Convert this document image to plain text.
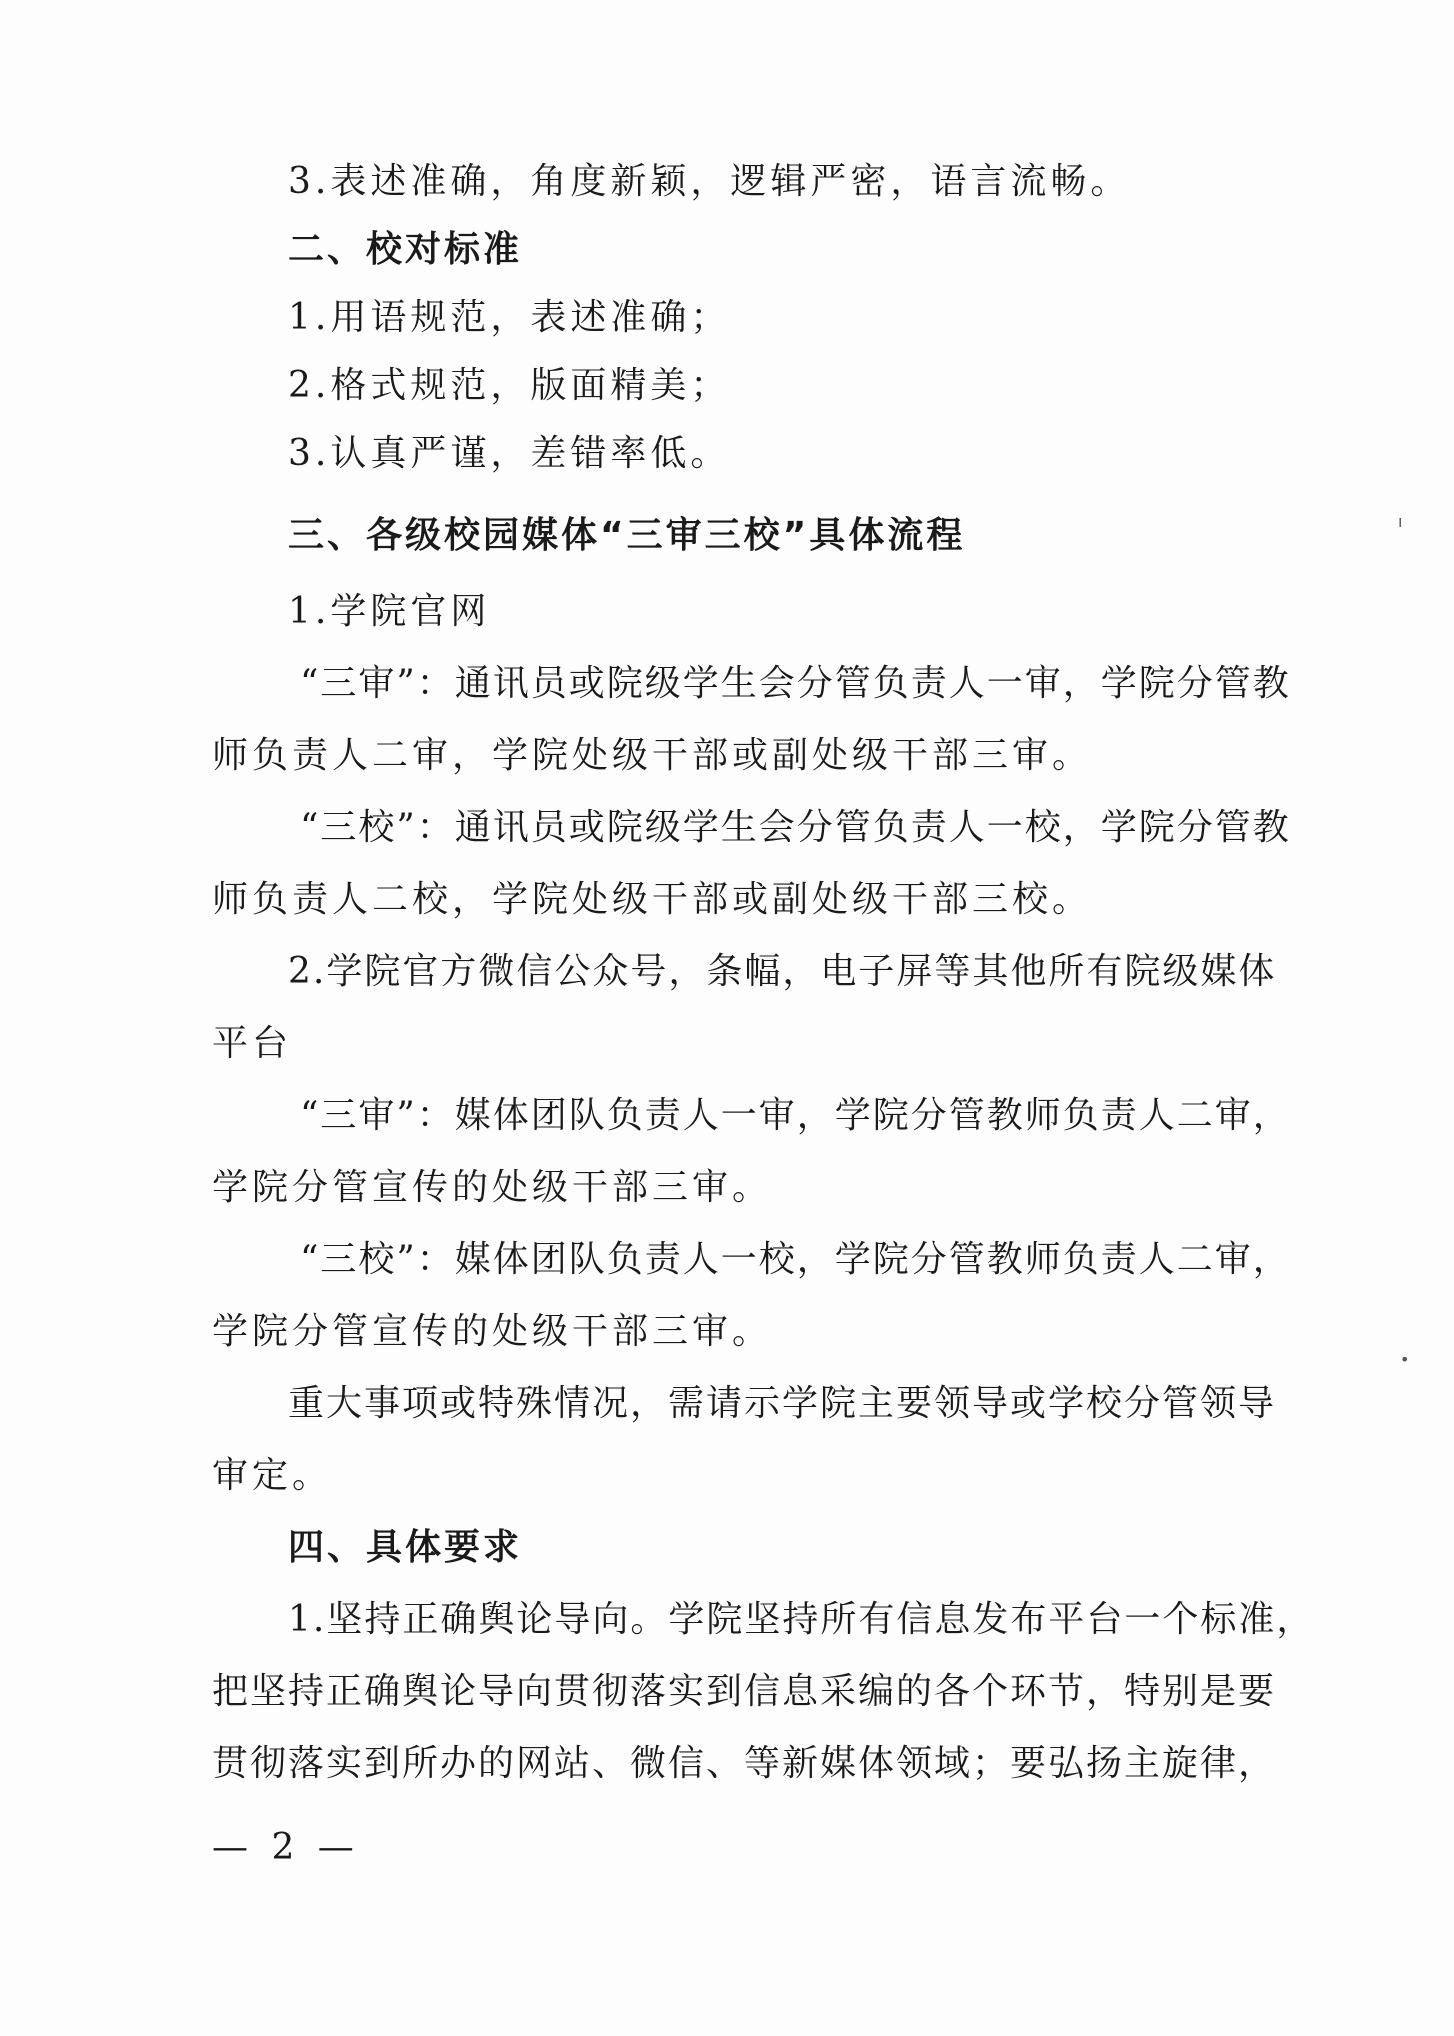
3.表述准确，角度新颖，逻辑严密，语言流畅。
二、校对标准
1.用语规范，表述准确；
2.格式规范，版面精美；
3.认真严谨，差错率低。
三、各级校园媒体“三审三校”具体流程
1.学院官网
“三审”：通讯员或院级学生会分管负责人一审，学院分管教
师负责人二审，学院处级干部或副处级干部三审。
“三校”：通讯员或院级学生会分管负责人一校，学院分管教
师负责人二校，学院处级干部或副处级干部三校。
2.学院官方微信公众号，条幅，电子屏等其他所有院级媒体
平台
“三审”：媒体团队负责人一审，学院分管教师负责人二审，
学院分管宣传的处级干部三审。
“三校”：媒体团队负责人一校，学院分管教师负责人二审，
学院分管宣传的处级干部三审。
重大事项或特殊情况，需请示学院主要领导或学校分管领导
审定。
四、具体要求
1.坚持正确舆论导向。学院坚持所有信息发布平台一个标准，
把坚持正确舆论导向贯彻落实到信息采编的各个环节，特别是要
贯彻落实到所办的网站、微信、等新媒体领域；要弘扬主旋律，
— 2 —
ı
•
